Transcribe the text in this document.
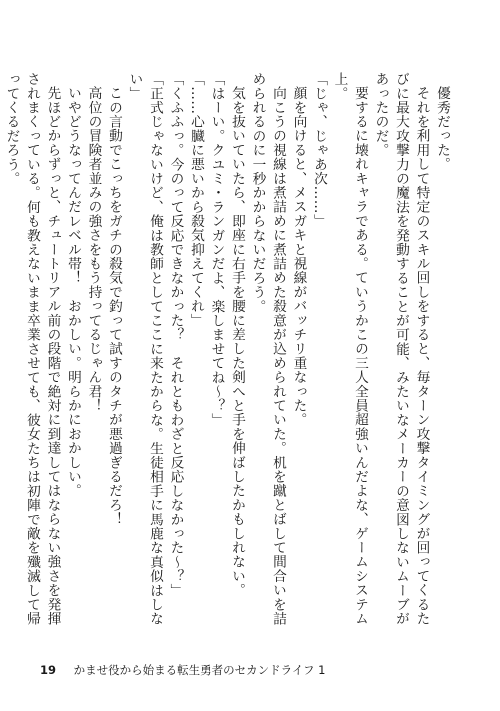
優秀だった。

それを利用して特定のスキル回しをすると、毎ターン攻撃タイミングが回ってくるたびに最大攻撃力の魔法を発動することが可能、みたいなメーカーの意図しないムーブがあったのだ。

要するに壊れキャラである。ていうかこの三人全員超強いんだよな、ゲームシステム上。

「じゃ、じゃあ次……」

顔を向けると、メスガキと視線がバッチリ重なった。

向こうの視線は煮詰めに煮詰めた殺意が込められていた。机を蹴とばして間合いを詰められるのに一秒かからないだろう。

気を抜いていたら、即座に右手を腰に差した剣へと手を伸ばしたかもしれない。

「はーい。クユミ・ランガンだよ、楽しませてね～？」

「……心臓に悪いから殺気抑えてくれ」

「くふふっ。今のって反応できなかった？　それともわざと反応しなかった～？」

「正式じゃないけど、俺は教師としてここに来たからな。生徒相手に馬鹿な真似はしない」

この言動でこっちをガチの殺気で釣って試すのタチが悪過ぎるだろ！

高位の冒険者並みの強さをもう持ってるじゃん君！

いやどうなってんだレベル帯！　おかしい。明らかにおかしい。

先ほどからずっと、チュートリアル前の段階で絶対に到達してはならない強さを発揮されまくっている。何も教えないまま卒業させても、彼女たちは初陣で敵を殲滅して帰ってくるだろう。

19 かませ役から始まる転生勇者のセカンドライフ 1
